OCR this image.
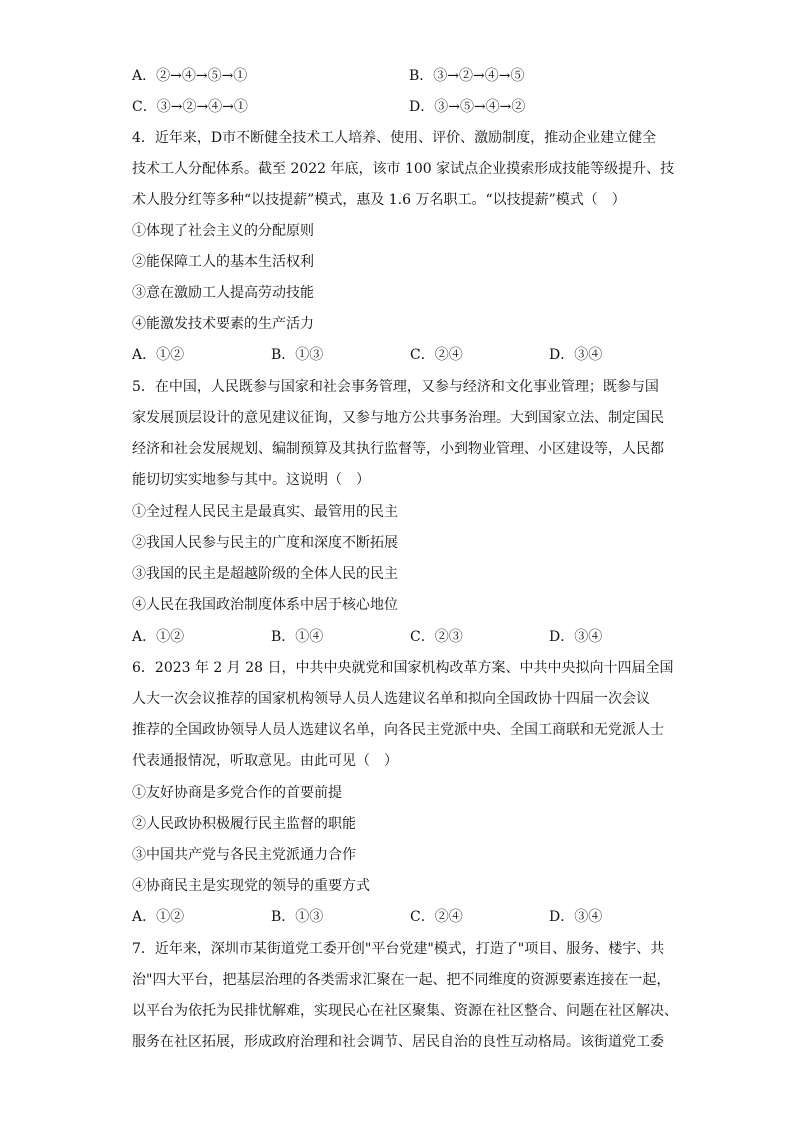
A．②→④→⑤→①	B．③→②→④→⑤
C．③→②→④→①	D．③→⑤→④→②
4．近年来，D市不断健全技术工人培养、使用、评价、激励制度，推动企业建立健全
技术工人分配体系。截至 2022 年底，该市 100 家试点企业摸索形成技能等级提升、技
术人股分红等多种“以技提薪”模式，惠及 1.6 万名职工。“以技提薪”模式（　）
①体现了社会主义的分配原则
②能保障工人的基本生活权利
③意在激励工人提高劳动技能
④能激发技术要素的生产活力
A．①②	B．①③	C．②④	D．③④
5．在中国，人民既参与国家和社会事务管理，又参与经济和文化事业管理；既参与国
家发展顶层设计的意见建议征询，又参与地方公共事务治理。大到国家立法、制定国民
经济和社会发展规划、编制预算及其执行监督等，小到物业管理、小区建设等，人民都
能切切实实地参与其中。这说明（　）
①全过程人民民主是最真实、最管用的民主
②我国人民参与民主的广度和深度不断拓展
③我国的民主是超越阶级的全体人民的民主
④人民在我国政治制度体系中居于核心地位
A．①②	B．①④	C．②③	D．③④
6．2023 年 2 月 28 日，中共中央就党和国家机构改革方案、中共中央拟向十四届全国
人大一次会议推荐的国家机构领导人员人选建议名单和拟向全国政协十四届一次会议
推荐的全国政协领导人员人选建议名单，向各民主党派中央、全国工商联和无党派人士
代表通报情况，听取意见。由此可见（　）
①友好协商是多党合作的首要前提
②人民政协积极履行民主监督的职能
③中国共产党与各民主党派通力合作
④协商民主是实现党的领导的重要方式
A．①②	B．①③	C．②④	D．③④
7．近年来，深圳市某街道党工委开创"平台党建"模式，打造了"项目、服务、楼宇、共
治"四大平台，把基层治理的各类需求汇聚在一起、把不同维度的资源要素连接在一起，
以平台为依托为民排忧解难，实现民心在社区聚集、资源在社区整合、问题在社区解决、
服务在社区拓展，形成政府治理和社会调节、居民自治的良性互动格局。该街道党工委
